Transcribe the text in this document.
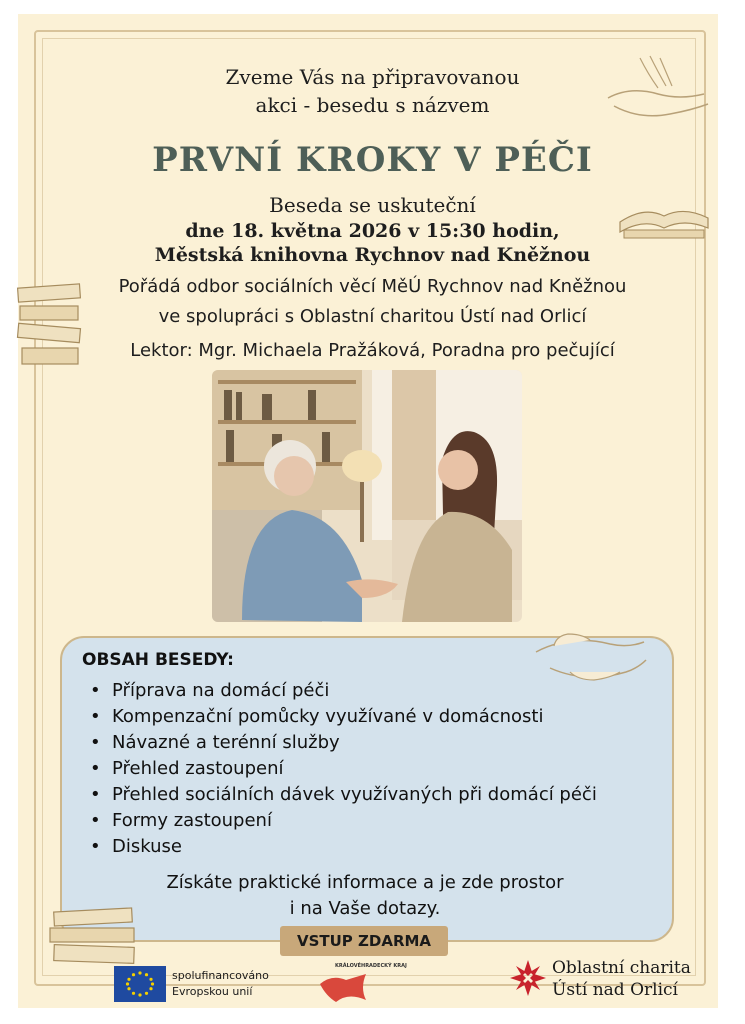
Zveme Vás na připravovanou
akci - besedu s názvem
PRVNÍ KROKY V PÉČI
Beseda se uskuteční
dne 18. května 2026 v 15:30 hodin,
Městská knihovna Rychnov nad Kněžnou
Pořádá odbor sociálních věcí MěÚ Rychnov nad Kněžnou
ve spolupráci s Oblastní charitou Ústí nad Orlicí
Lektor: Mgr. Michaela Pražáková, Poradna pro pečující
OBSAH BESEDY:
• Příprava na domácí péči
• Kompenzační pomůcky využívané v domácnosti
• Návazné a terénní služby
• Přehled zastoupení
• Přehled sociálních dávek využívaných při domácí péči
• Formy zastoupení
• Diskuse
Získáte praktické informace a je zde prostor
i na Vaše dotazy.
VSTUP ZDARMA
spolufinancováno
Evropskou unií
KRÁLOVÉHRADECKÝ KRAJ	Oblastní charita
Ústí nad Orlicí
